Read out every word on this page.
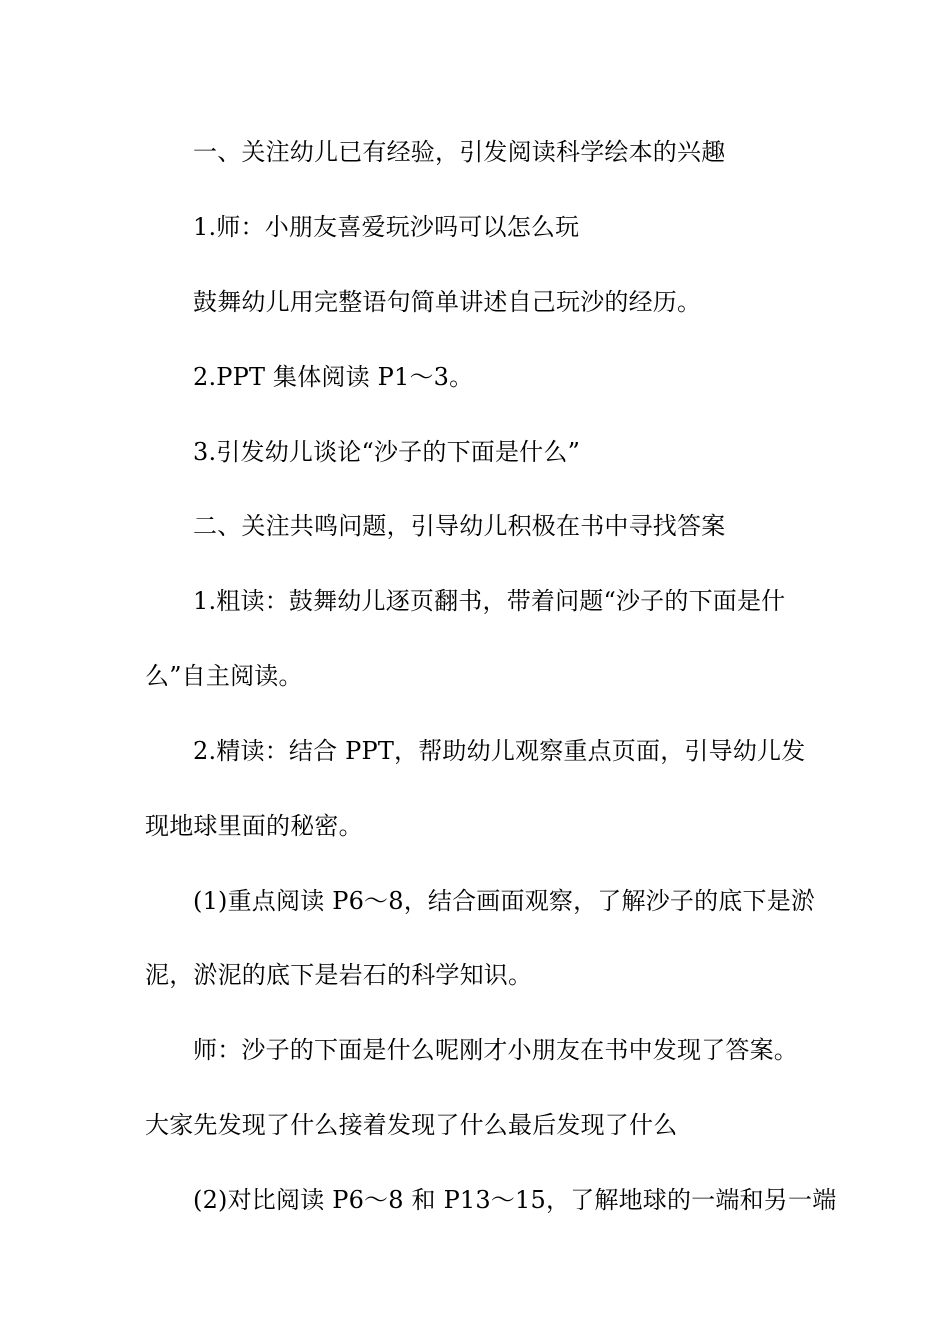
一、关注幼儿已有经验，引发阅读科学绘本的兴趣
1.师：小朋友喜爱玩沙吗可以怎么玩
鼓舞幼儿用完整语句简单讲述自己玩沙的经历。
2.PPT 集体阅读 P1～3。
3.引发幼儿谈论“沙子的下面是什么”
二、关注共鸣问题，引导幼儿积极在书中寻找答案
1.粗读：鼓舞幼儿逐页翻书，带着问题“沙子的下面是什
么”自主阅读。
2.精读：结合 PPT，帮助幼儿观察重点页面，引导幼儿发
现地球里面的秘密。
(1)重点阅读 P6～8，结合画面观察，了解沙子的底下是淤
泥，淤泥的底下是岩石的科学知识。
师：沙子的下面是什么呢刚才小朋友在书中发现了答案。
大家先发现了什么接着发现了什么最后发现了什么
(2)对比阅读 P6～8 和 P13～15，了解地球的一端和另一端
